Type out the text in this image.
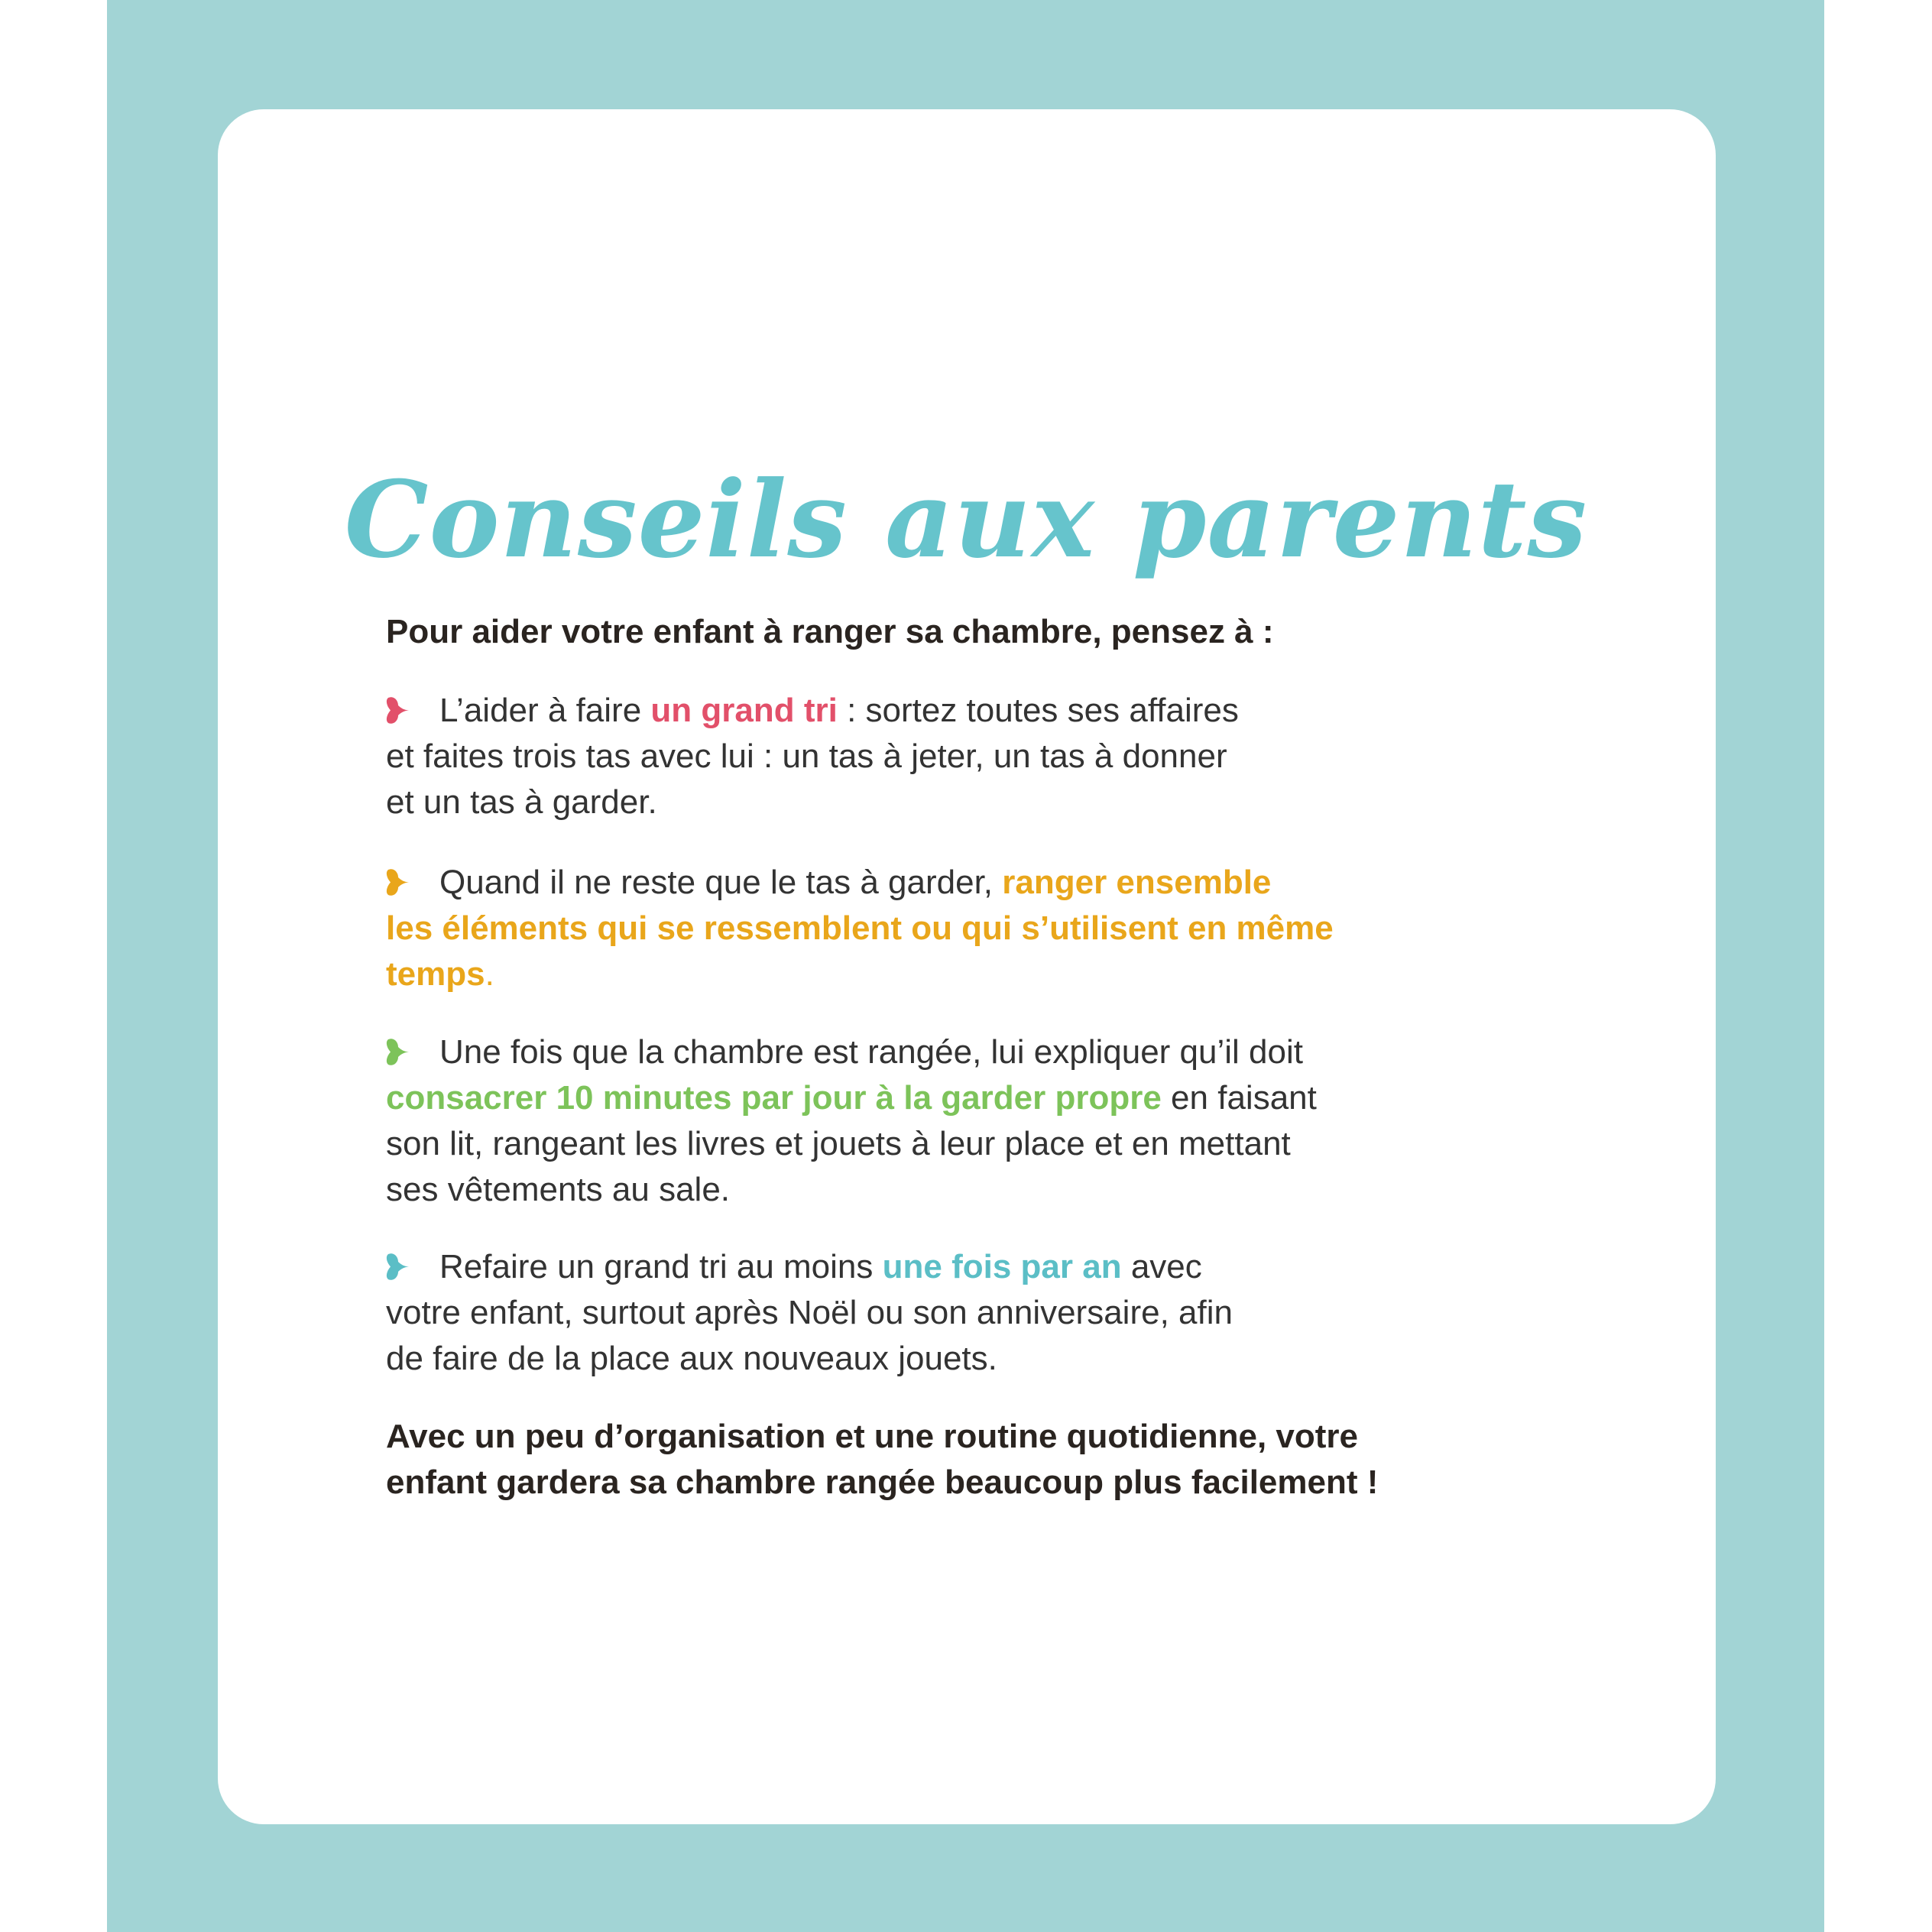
Conseils aux parents
Pour aider votre enfant à ranger sa chambre, pensez à :
L’aider à faire un grand tri : sortez toutes ses affaires
et faites trois tas avec lui : un tas à jeter, un tas à donner
et un tas à garder.
Quand il ne reste que le tas à garder, ranger ensemble
les éléments qui se ressemblent ou qui s’utilisent en même
temps.
Une fois que la chambre est rangée, lui expliquer qu’il doit
consacrer 10 minutes par jour à la garder propre en faisant
son lit, rangeant les livres et jouets à leur place et en mettant
ses vêtements au sale.
Refaire un grand tri au moins une fois par an avec
votre enfant, surtout après Noël ou son anniversaire, afin
de faire de la place aux nouveaux jouets.
Avec un peu d’organisation et une routine quotidienne, votre
enfant gardera sa chambre rangée beaucoup plus facilement !
